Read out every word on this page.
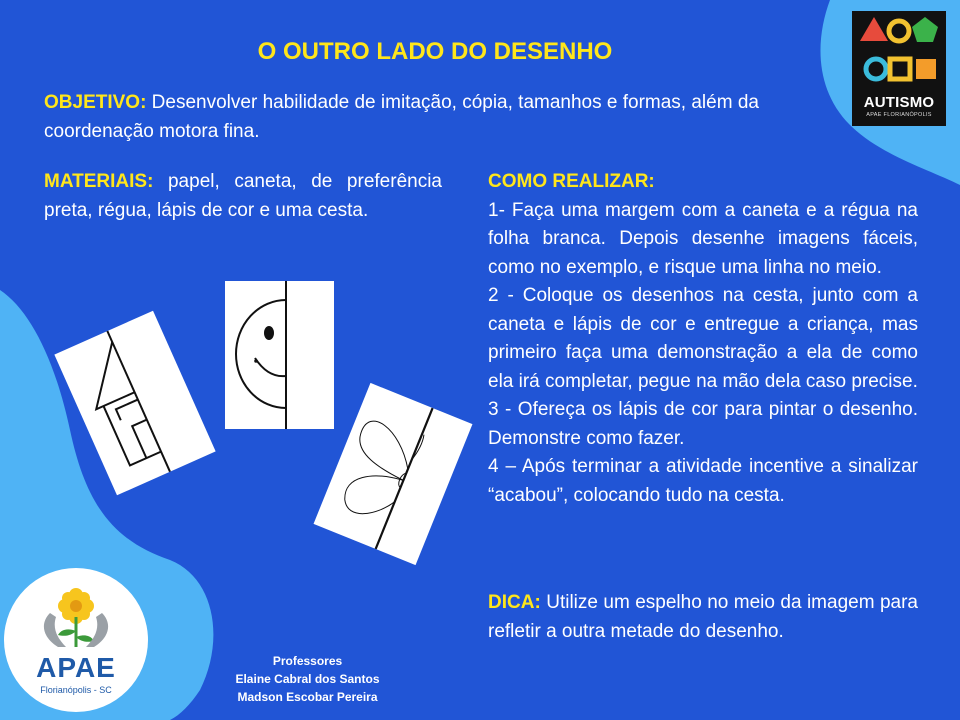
O OUTRO LADO DO DESENHO
OBJETIVO: Desenvolver habilidade de imitação, cópia, tamanhos e formas, além da coordenação motora fina.
MATERIAIS: papel, caneta, de preferência preta, régua, lápis de cor e uma cesta.

COMO REALIZAR:

1- Faça uma margem com a caneta e a régua na folha branca. Depois desenhe imagens fáceis, como no exemplo, e risque uma linha no meio.

2 - Coloque os desenhos na cesta, junto com a caneta e lápis de cor e entregue a criança, mas primeiro faça uma demonstração a ela de como ela irá completar, pegue na mão dela caso precise.

3 - Ofereça os lápis de cor para pintar o desenho. Demonstre como fazer.

4 – Após terminar a atividade incentive a sinalizar “acabou”, colocando tudo na cesta.

DICA: Utilize um espelho no meio da imagem para refletir a outra metade do desenho.
AUTISMO
APAE FLORIANÓPOLIS
APAE
Florianópolis - SC
Professores
Elaine Cabral dos Santos
Madson Escobar Pereira
